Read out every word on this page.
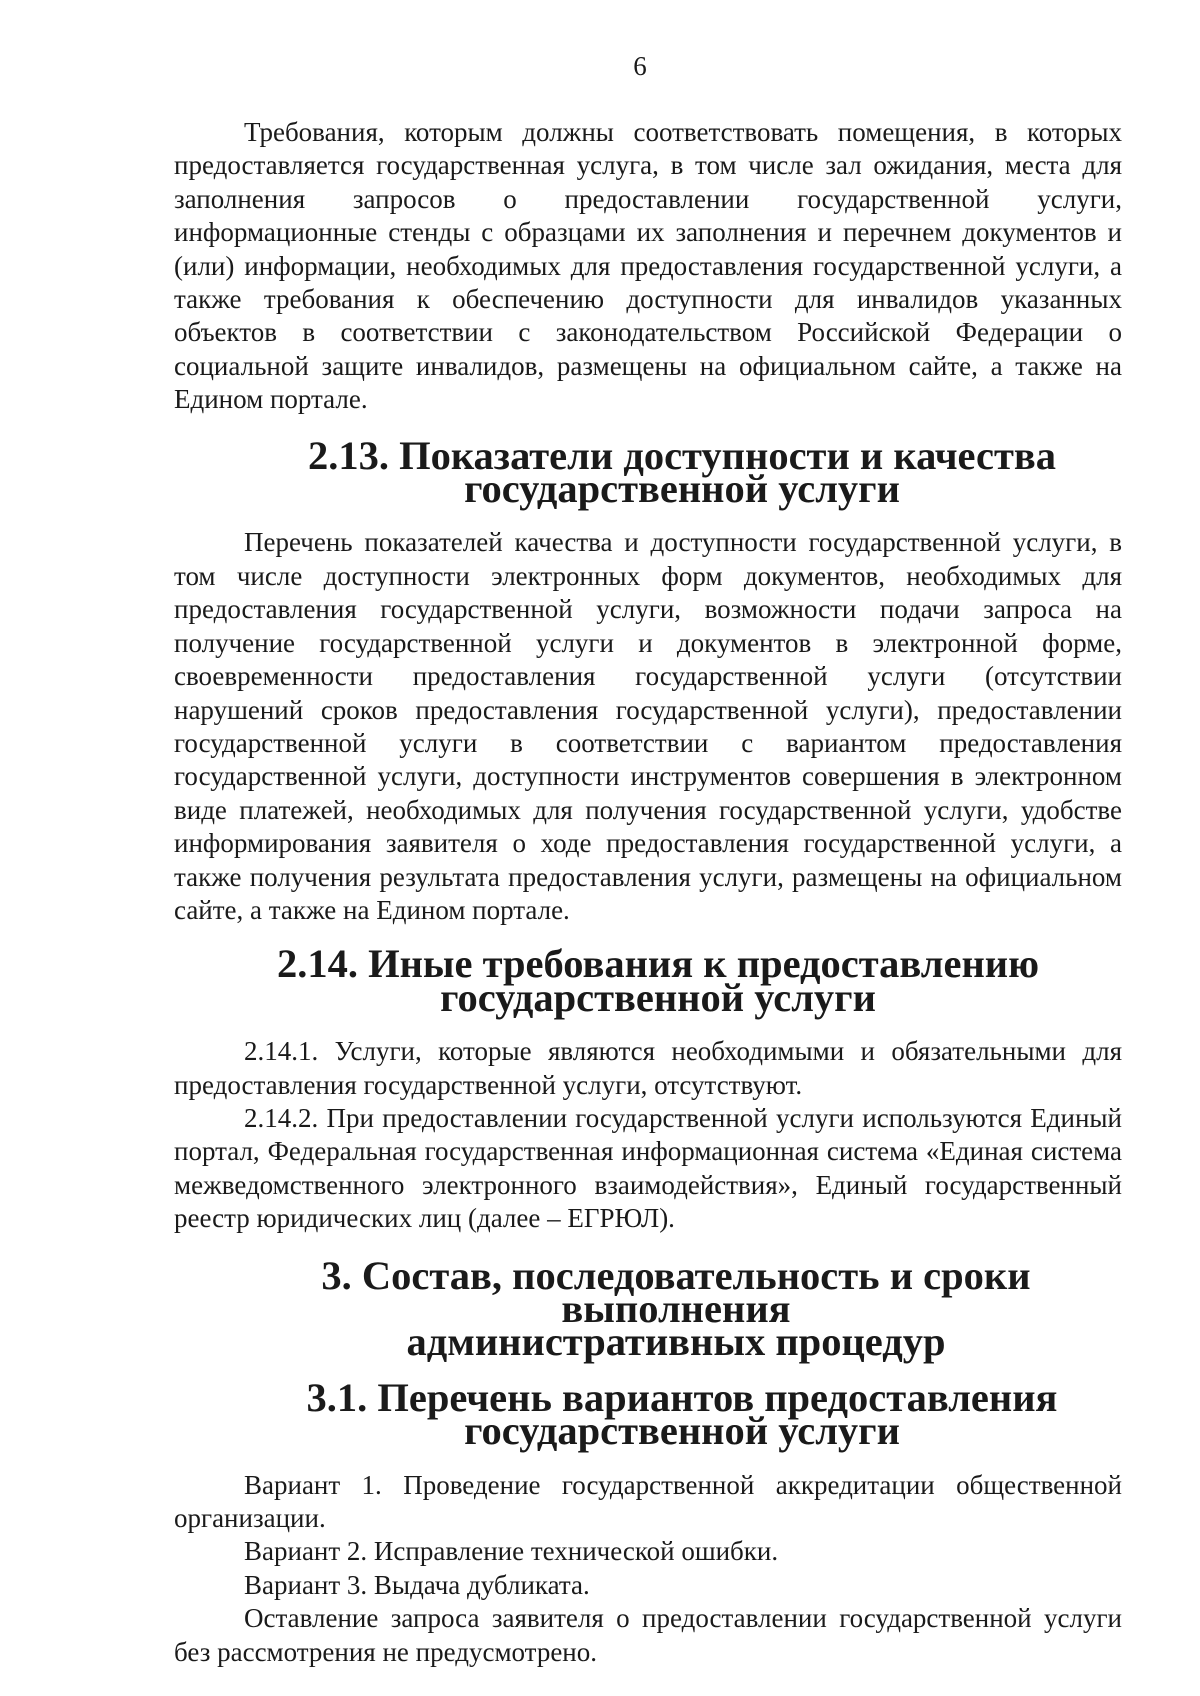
6

Требования, которым должны соответствовать помещения, в которых предоставляется государственная услуга, в том числе зал ожидания, места для заполнения запросов о предоставлении государственной услуги, информационные стенды с образцами их заполнения и перечнем документов и (или) информации, необходимых для предоставления государственной услуги, а также требования к обеспечению доступности для инвалидов указанных объектов в соответствии с законодательством Российской Федерации о социальной защите инвалидов, размещены на официальном сайте, а также на Едином портале.

2.13. Показатели доступности и качества государственной услуги

Перечень показателей качества и доступности государственной услуги, в том числе доступности электронных форм документов, необходимых для предоставления государственной услуги, возможности подачи запроса на получение государственной услуги и документов в электронной форме, своевременности предоставления государственной услуги (отсутствии нарушений сроков предоставления государственной услуги), предоставлении государственной услуги в соответствии с вариантом предоставления государственной услуги, доступности инструментов совершения в электронном виде платежей, необходимых для получения государственной услуги, удобстве информирования заявителя о ходе предоставления государственной услуги, а также получения результата предоставления услуги, размещены на официальном сайте, а также на Едином портале.

2.14. Иные требования к предоставлению государственной услуги

2.14.1. Услуги, которые являются необходимыми и обязательными для предоставления государственной услуги, отсутствуют.

2.14.2. При предоставлении государственной услуги используются Единый портал, Федеральная государственная информационная система «Единая система межведомственного электронного взаимодействия», Единый государственный реестр юридических лиц (далее – ЕГРЮЛ).

3. Состав, последовательность и сроки выполнения
административных процедур
3.1. Перечень вариантов предоставления государственной услуги

Вариант 1. Проведение государственной аккредитации общественной организации.

Вариант 2. Исправление технической ошибки.

Вариант 3. Выдача дубликата.

Оставление запроса заявителя о предоставлении государственной услуги без рассмотрения не предусмотрено.
